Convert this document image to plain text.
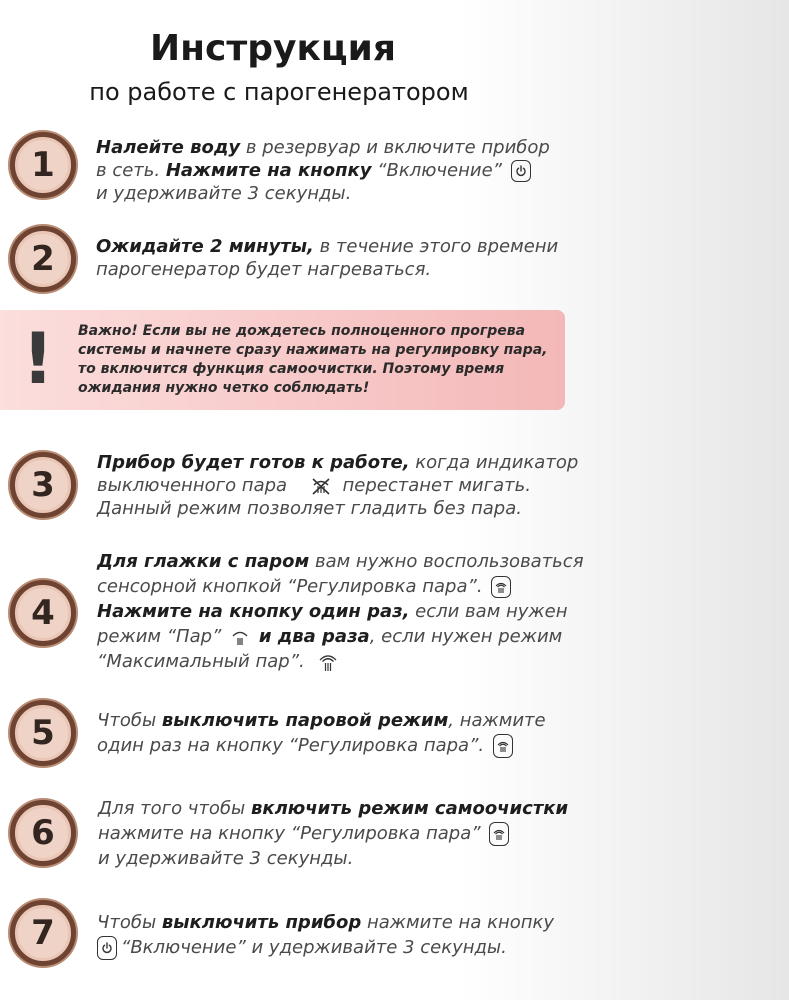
Инструкция
по работе с парогенератором
1	Налейте воду в резервуар и включите прибор
в сеть. Нажмите на кнопку “Включение”

и удерживайте 3 секунды.

2	Ожидайте 2 минуты, в течение этого времени
парогенератор будет нагреваться.

! Важно! Если вы не дождетесь полноценного прогрева системы и начнете сразу нажимать на регулировку пара, то включится функция самоочистки. Поэтому время ожидания нужно четко соблюдать!

3

Прибор будет готов к работе, когда индикатор
выключенного пара	перестанет мигать.
Данный режим позволяет гладить без пара.

4

Для глажки с паром вам нужно воспользоваться
сенсорной кнопкой “Регулировка пара”.

Нажмите на кнопку один раз, если вам нужен
режим “Пар” и два раза, если нужен режим
“Максимальный пар”.

5	Чтобы выключить паровой режим, нажмите
один раз на кнопку “Регулировка пара”.

6

Для того чтобы включить режим самоочистки
нажмите на кнопку “Регулировка пара”

и удерживайте 3 секунды.

7	Чтобы выключить прибор нажмите на кнопку

“Включение” и удерживайте 3 секунды.
